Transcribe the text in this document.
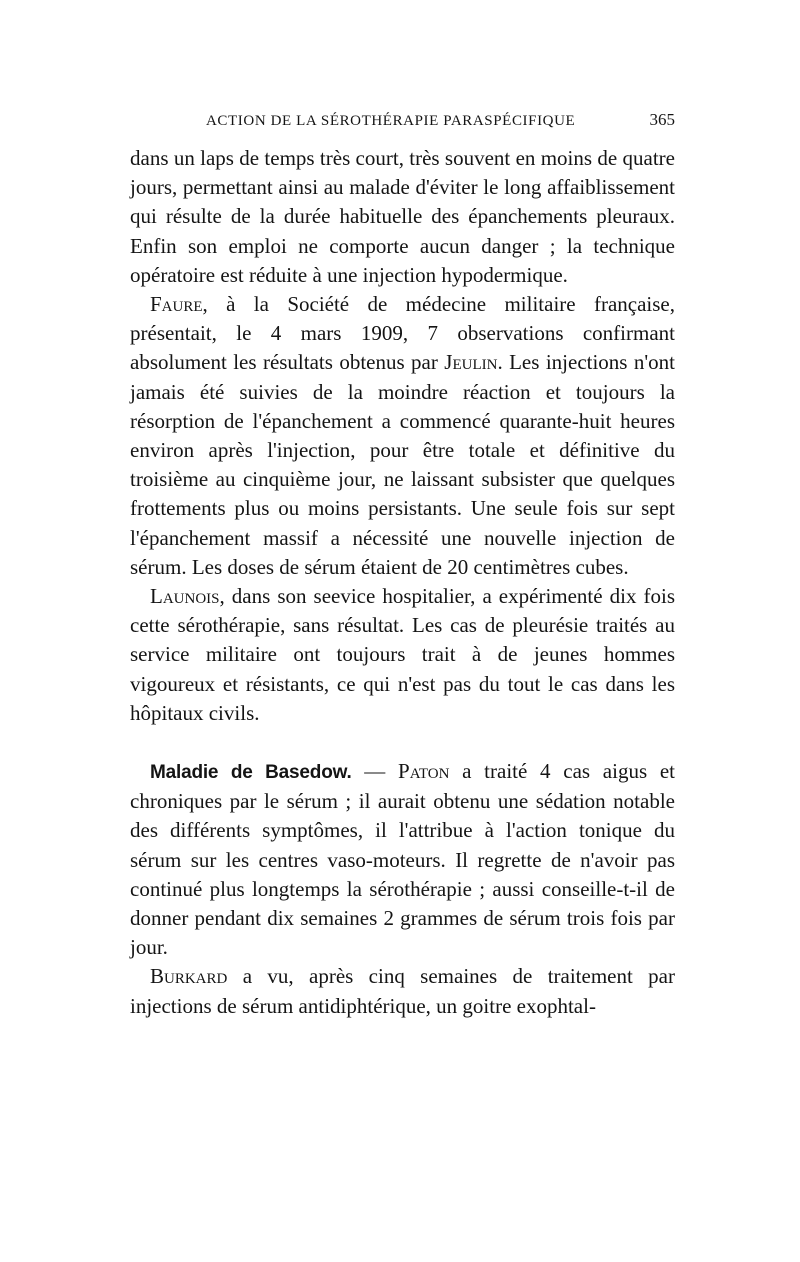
ACTION DE LA SÉROTHÉRAPIE PARASPÉCIFIQUE	365

dans un laps de temps très court, très souvent en moins de quatre jours, permettant ainsi au malade d'éviter le long affaiblissement qui résulte de la durée habituelle des épanchements pleuraux. Enfin son emploi ne comporte aucun danger ; la technique opératoire est réduite à une injection hypodermique.

Faure, à la Société de médecine militaire française, présentait, le 4 mars 1909, 7 observations confirmant absolument les résultats obtenus par Jeulin. Les injections n'ont jamais été suivies de la moindre réaction et toujours la résorption de l'épanchement a commencé quarante-huit heures environ après l'injection, pour être totale et définitive du troisième au cinquième jour, ne laissant subsister que quelques frottements plus ou moins persistants. Une seule fois sur sept l'épanchement massif a nécessité une nouvelle injection de sérum. Les doses de sérum étaient de 20 centimètres cubes.

Launois, dans son seevice hospitalier, a expérimenté dix fois cette sérothérapie, sans résultat. Les cas de pleurésie traités au service militaire ont toujours trait à de jeunes hommes vigoureux et résistants, ce qui n'est pas du tout le cas dans les hôpitaux civils.

Maladie de Basedow. — Paton a traité 4 cas aigus et chroniques par le sérum ; il aurait obtenu une sédation notable des différents symptômes, il l'attribue à l'action tonique du sérum sur les centres vaso-moteurs. Il regrette de n'avoir pas continué plus longtemps la sérothérapie ; aussi conseille-t-il de donner pendant dix semaines 2 grammes de sérum trois fois par jour.

Burkard a vu, après cinq semaines de traitement par injections de sérum antidiphtérique, un goitre exophtal-
